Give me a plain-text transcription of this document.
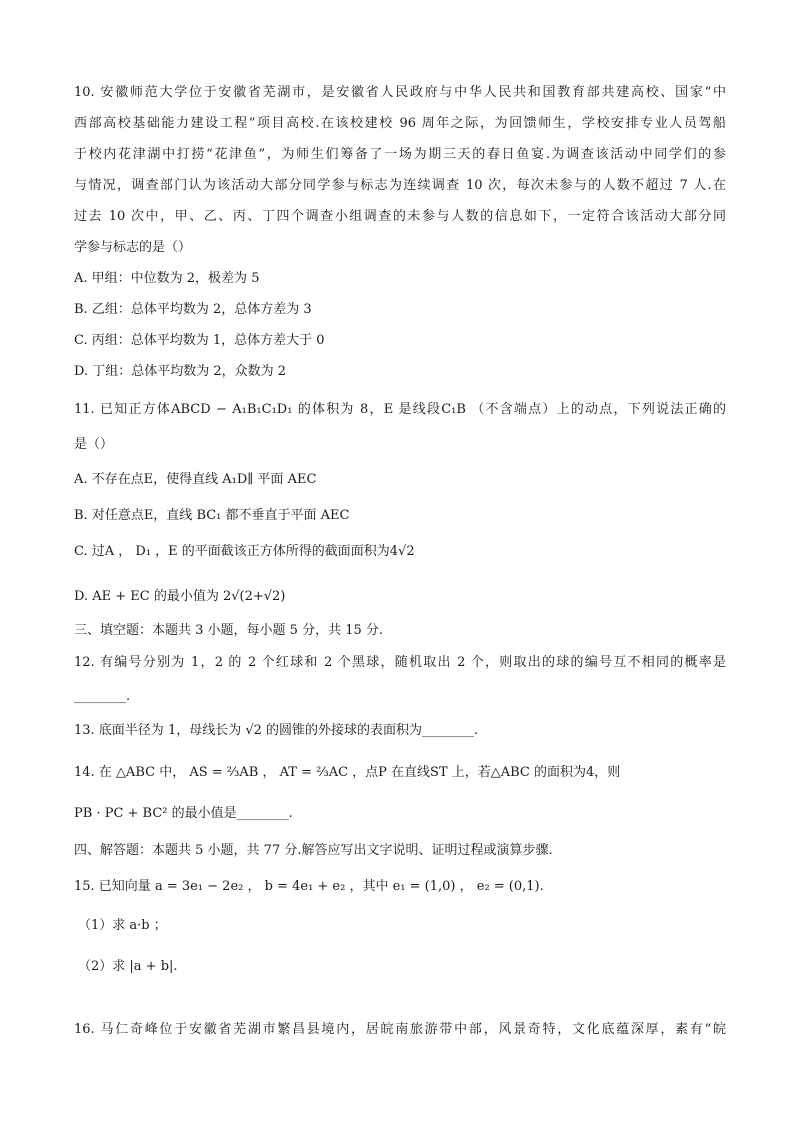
10. 安徽师范大学位于安徽省芜湖市，是安徽省人民政府与中华人民共和国教育部共建高校、国家“中
西部高校基础能力建设工程”项目高校.在该校建校 96 周年之际，为回馈师生，学校安排专业人员驾船
于校内花津湖中打捞“花津鱼”，为师生们筹备了一场为期三天的春日鱼宴.为调查该活动中同学们的参
与情况，调查部门认为该活动大部分同学参与标志为连续调查 10 次，每次未参与的人数不超过 7 人.在
过去 10 次中，甲、乙、丙、丁四个调查小组调查的未参与人数的信息如下，一定符合该活动大部分同
学参与标志的是（）
A. 甲组：中位数为 2，极差为 5
B. 乙组：总体平均数为 2，总体方差为 3
C. 丙组：总体平均数为 1，总体方差大于 0
D. 丁组：总体平均数为 2，众数为 2
11. 已知正方体ABCD − A₁B₁C₁D₁ 的体积为 8，E 是线段C₁B （不含端点）上的动点，下列说法正确的
是（）
A. 不存在点E，使得直线 A₁D∥ 平面 AEC
B. 对任意点E，直线 BC₁ 都不垂直于平面 AEC
C. 过A ， D₁ ，E 的平面截该正方体所得的截面面积为4√2
D. AE + EC 的最小值为 2√(2+√2)
三、填空题：本题共 3 小题，每小题 5 分，共 15 分.
12. 有编号分别为 1，2 的 2 个红球和 2 个黑球，随机取出 2 个，则取出的球的编号互不相同的概率是
________.
13. 底面半径为 1，母线长为 √2 的圆锥的外接球的表面积为________.
14. 在 △ABC 中， AS = ⅔AB ， AT = ⅔AC ，点P 在直线ST 上，若△ABC 的面积为4，则
PB · PC + BC² 的最小值是________.
四、解答题：本题共 5 小题，共 77 分.解答应写出文字说明、证明过程或演算步骤.
15. 已知向量 a = 3e₁ − 2e₂ ， b = 4e₁ + e₂ ，其中 e₁ = (1,0) ， e₂ = (0,1).
（1）求 a·b ；
（2）求 |a + b|.
16. 马仁奇峰位于安徽省芜湖市繁昌县境内，居皖南旅游带中部，风景奇特，文化底蕴深厚，素有“皖
